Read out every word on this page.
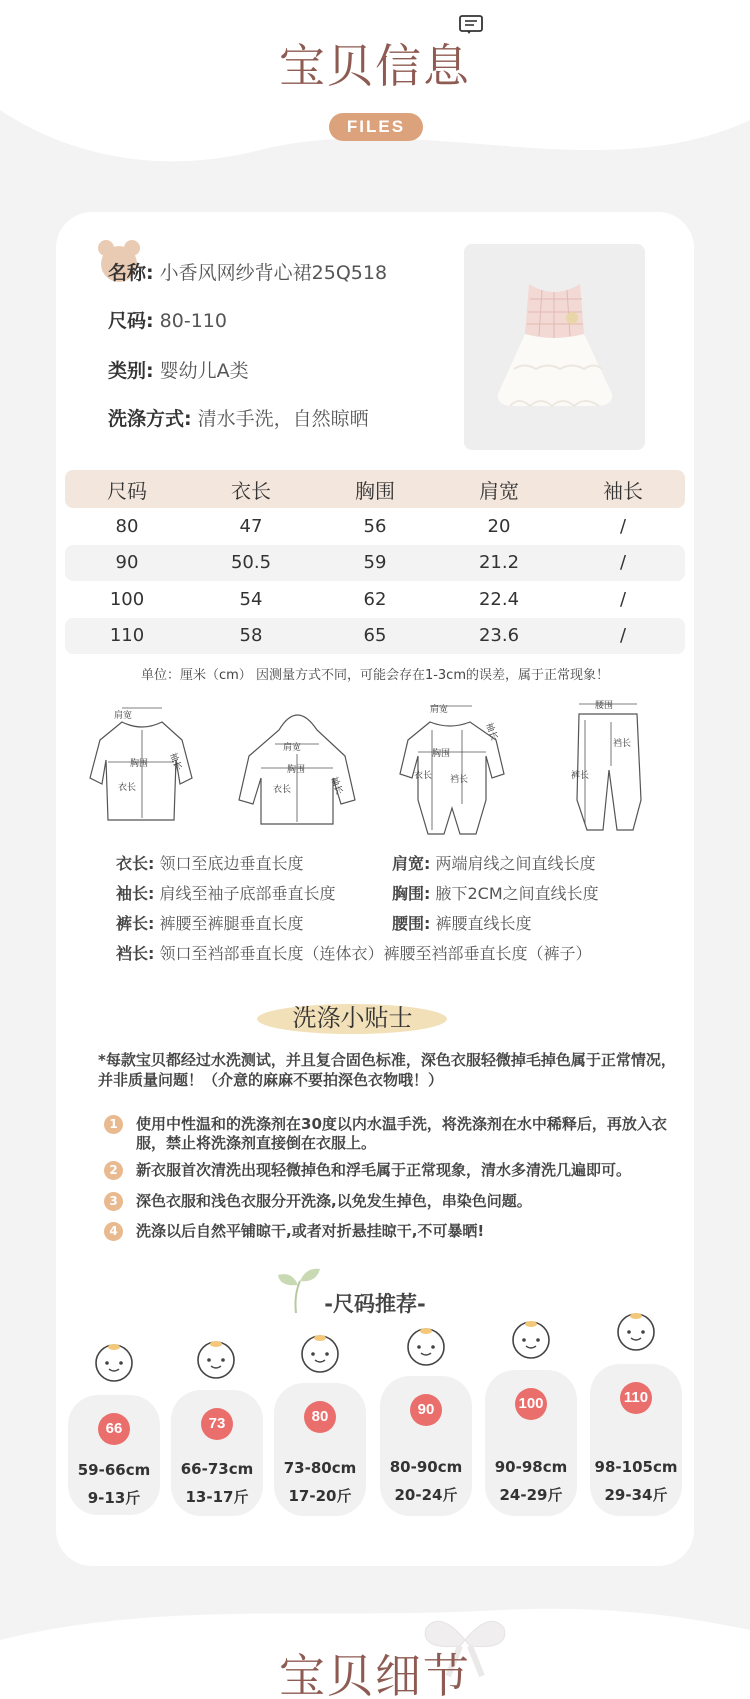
宝贝信息
FILES
名称: 小香风网纱背心裙25Q518
尺码: 80-110
类别: 婴幼儿A类
洗涤方式: 清水手洗，自然晾晒
尺码	衣长	胸围	肩宽	袖长
80	47	56	20	/
90	50.5	59	21.2	/
100	54	62	22.4	/
110	58	65	23.6	/
单位：厘米（cm） 因测量方式不同，可能会存在1-3cm的误差，属于正常现象！
肩宽
胸围
衣长
袖长
肩宽
胸围
衣长	袖长
肩宽
胸围
衣长 裆长
袖长
腰围
裆长
裤长
衣长: 领口至底边垂直长度	肩宽: 两端肩线之间直线长度
袖长: 肩线至袖子底部垂直长度	胸围: 腋下2CM之间直线长度
裤长: 裤腰至裤腿垂直长度	腰围: 裤腰直线长度
裆长: 领口至裆部垂直长度（连体衣）裤腰至裆部垂直长度（裤子）
洗涤小贴士
*每款宝贝都经过水洗测试，并且复合固色标准，深色衣服轻微掉毛掉色属于正常情况，并非质量问题！（介意的麻麻不要拍深色衣物哦！）
1	使用中性温和的洗涤剂在30度以内水温手洗，将洗涤剂在水中稀释后，再放入衣服，禁止将洗涤剂直接倒在衣服上。
2	新衣服首次清洗出现轻微掉色和浮毛属于正常现象，清水多清洗几遍即可。
3	深色衣服和浅色衣服分开洗涤,以免发生掉色，串染色问题。
4	洗涤以后自然平铺晾干,或者对折悬挂晾干,不可暴晒!
-尺码推荐-
66
59-66cm
9-13斤
73
66-73cm
13-17斤
80
73-80cm
17-20斤
90
80-90cm
20-24斤
100
90-98cm
24-29斤
110
98-105cm
29-34斤
宝贝细节
